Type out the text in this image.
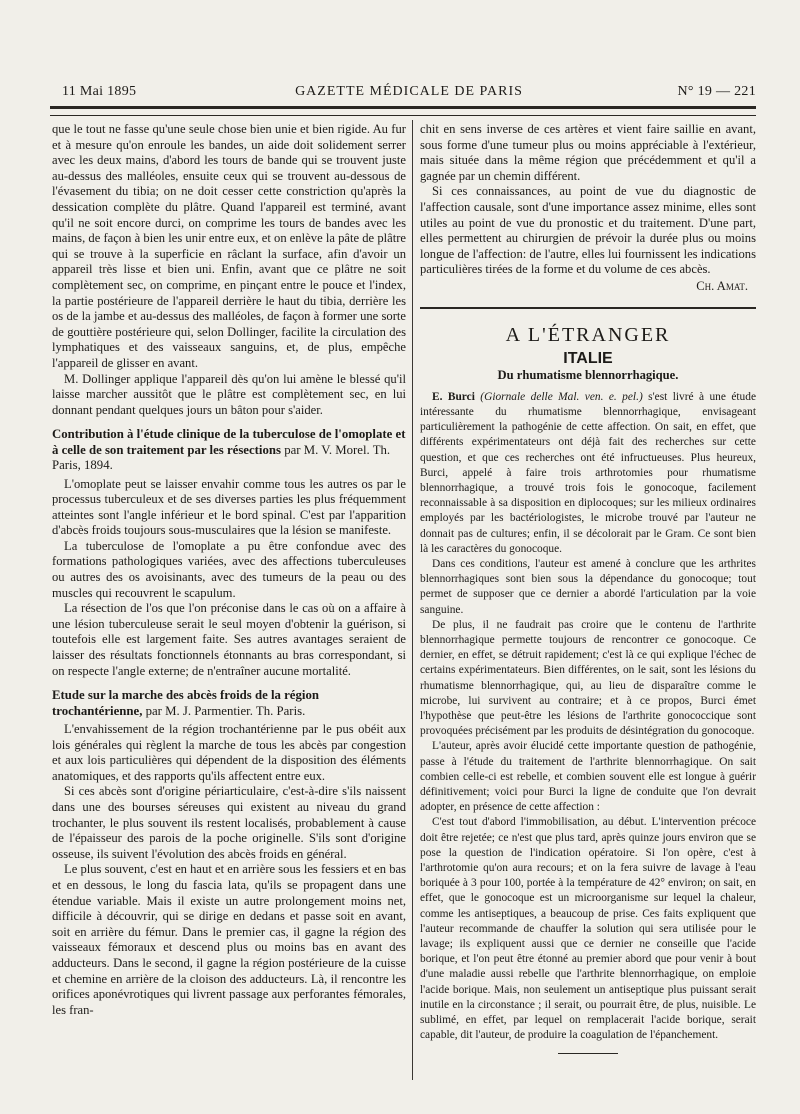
11 Mai 1895	GAZETTE MÉDICALE DE PARIS	N° 19 — 221

que le tout ne fasse qu'une seule chose bien unie et bien rigide. Au fur et à mesure qu'on enroule les bandes, un aide doit solidement serrer avec les deux mains, d'abord les tours de bande qui se trouvent juste au-dessus des malléoles, ensuite ceux qui se trouvent au-dessous de l'évasement du tibia; on ne doit cesser cette constriction qu'après la dessication complète du plâtre. Quand l'appareil est terminé, avant qu'il ne soit encore durci, on comprime les tours de bandes avec les mains, de façon à bien les unir entre eux, et on enlève la pâte de plâtre qui se trouve à la superficie en râclant la surface, afin d'avoir un appareil très lisse et bien uni. Enfin, avant que ce plâtre ne soit complètement sec, on comprime, en pinçant entre le pouce et l'index, la partie postérieure de l'appareil derrière le haut du tibia, derrière les os de la jambe et au-dessus des malléoles, de façon à former une sorte de gouttière postérieure qui, selon Dollinger, facilite la circulation des lymphatiques et des vaisseaux sanguins, et, de plus, empêche l'appareil de glisser en avant.

M. Dollinger applique l'appareil dès qu'on lui amène le blessé qu'il laisse marcher aussitôt que le plâtre est complètement sec, en lui donnant pendant quelques jours un bâton pour s'aider.

Contribution à l'étude clinique de la tuberculose de l'omoplate et à celle de son traitement par les résections par M. V. Morel. Th. Paris, 1894.

L'omoplate peut se laisser envahir comme tous les autres os par le processus tuberculeux et de ses diverses parties les plus fréquemment atteintes sont l'angle inférieur et le bord spinal. C'est par l'apparition d'abcès froids toujours sous-musculaires que la lésion se manifeste.

La tuberculose de l'omoplate a pu être confondue avec des formations pathologiques variées, avec des affections tuberculeuses ou autres des os avoisinants, avec des tumeurs de la peau ou des muscles qui recouvrent le scapulum.

La résection de l'os que l'on préconise dans le cas où on a affaire à une lésion tuberculeuse serait le seul moyen d'obtenir la guérison, si toutefois elle est largement faite. Ses autres avantages seraient de laisser des résultats fonctionnels étonnants au bras correspondant, si on respecte l'angle externe; de n'entraîner aucune mortalité.

Etude sur la marche des abcès froids de la région trochantérienne, par M. J. Parmentier. Th. Paris.

L'envahissement de la région trochantérienne par le pus obéit aux lois générales qui règlent la marche de tous les abcès par congestion et aux lois particulières qui dépendent de la disposition des éléments anatomiques, et des rapports qu'ils affectent entre eux.

Si ces abcès sont d'origine périarticulaire, c'est-à-dire s'ils naissent dans une des bourses séreuses qui existent au niveau du grand trochanter, le plus souvent ils restent localisés, probablement à cause de l'épaisseur des parois de la poche originelle. S'ils sont d'origine osseuse, ils suivent l'évolution des abcès froids en général.

Le plus souvent, c'est en haut et en arrière sous les fessiers et en bas et en dessous, le long du fascia lata, qu'ils se propagent dans une étendue variable. Mais il existe un autre prolongement moins net, difficile à découvrir, qui se dirige en dedans et passe soit en avant, soit en arrière du fémur. Dans le premier cas, il gagne la région des vaisseaux fémoraux et descend plus ou moins bas en avant des adducteurs. Dans le second, il gagne la région postérieure de la cuisse et chemine en arrière de la cloison des adducteurs. Là, il rencontre les orifices aponévrotiques qui livrent passage aux perforantes fémorales, les fran-

chit en sens inverse de ces artères et vient faire saillie en avant, sous forme d'une tumeur plus ou moins appréciable à l'extérieur, mais située dans la même région que précédemment et qu'il a gagnée par un chemin différent.

Si ces connaissances, au point de vue du diagnostic de l'affection causale, sont d'une importance assez minime, elles sont utiles au point de vue du pronostic et du traitement. D'une part, elles permettent au chirurgien de prévoir la durée plus ou moins longue de l'affection: de l'autre, elles lui fournissent les indications particulières tirées de la forme et du volume de ces abcès.

Ch. Amat.
A L'ÉTRANGER
ITALIE
Du rhumatisme blennorrhagique.

E. Burci (Giornale delle Mal. ven. e. pel.) s'est livré à une étude intéressante du rhumatisme blennorrhagique, envisageant particulièrement la pathogénie de cette affection. On sait, en effet, que différents expérimentateurs ont déjà fait des recherches sur cette question, et que ces recherches ont été infructueuses. Plus heureux, Burci, appelé à faire trois arthrotomies pour rhumatisme blennorrhagique, a trouvé trois fois le gonocoque, facilement reconnaissable à sa disposition en diplocoques; sur les milieux ordinaires employés par les bactériologistes, le microbe trouvé par l'auteur ne donnait pas de cultures; enfin, il se décolorait par le Gram. Ce sont bien là les caractères du gonocoque.

Dans ces conditions, l'auteur est amené à conclure que les arthrites blennorrhagiques sont bien sous la dépendance du gonocoque; tout permet de supposer que ce dernier a abordé l'articulation par la voie sanguine.

De plus, il ne faudrait pas croire que le contenu de l'arthrite blennorrhagique permette toujours de rencontrer ce gonocoque. Ce dernier, en effet, se détruit rapidement; c'est là ce qui explique l'échec de certains expérimentateurs. Bien différentes, on le sait, sont les lésions du rhumatisme blennorrhagique, qui, au lieu de disparaître comme le microbe, lui survivent au contraire; et à ce propos, Burci émet l'hypothèse que peut-être les lésions de l'arthrite gonococcique sont provoquées précisément par les produits de désintégration du gonocoque.

L'auteur, après avoir élucidé cette importante question de pathogénie, passe à l'étude du traitement de l'arthrite blennorrhagique. On sait combien celle-ci est rebelle, et combien souvent elle est longue à guérir définitivement; voici pour Burci la ligne de conduite que l'on devrait adopter, en présence de cette affection :

C'est tout d'abord l'immobilisation, au début. L'intervention précoce doit être rejetée; ce n'est que plus tard, après quinze jours environ que se pose la question de l'indication opératoire. Si l'on opère, c'est à l'arthrotomie qu'on aura recours; et on la fera suivre de lavage à l'eau boriquée à 3 pour 100, portée à la température de 42° environ; on sait, en effet, que le gonocoque est un microorganisme sur lequel la chaleur, comme les antiseptiques, a beaucoup de prise. Ces faits expliquent que l'auteur recommande de chauffer la solution qui sera utilisée pour le lavage; ils expliquent aussi que ce dernier ne conseille que l'acide borique, et l'on peut être étonné au premier abord que pour venir à bout d'une maladie aussi rebelle que l'arthrite blennorrhagique, on emploie l'acide borique. Mais, non seulement un antiseptique plus puissant serait inutile en la circonstance ; il serait, ou pourrait être, de plus, nuisible. Le sublimé, en effet, par lequel on remplacerait l'acide borique, serait capable, dit l'auteur, de produire la coagulation de l'épanchement.
